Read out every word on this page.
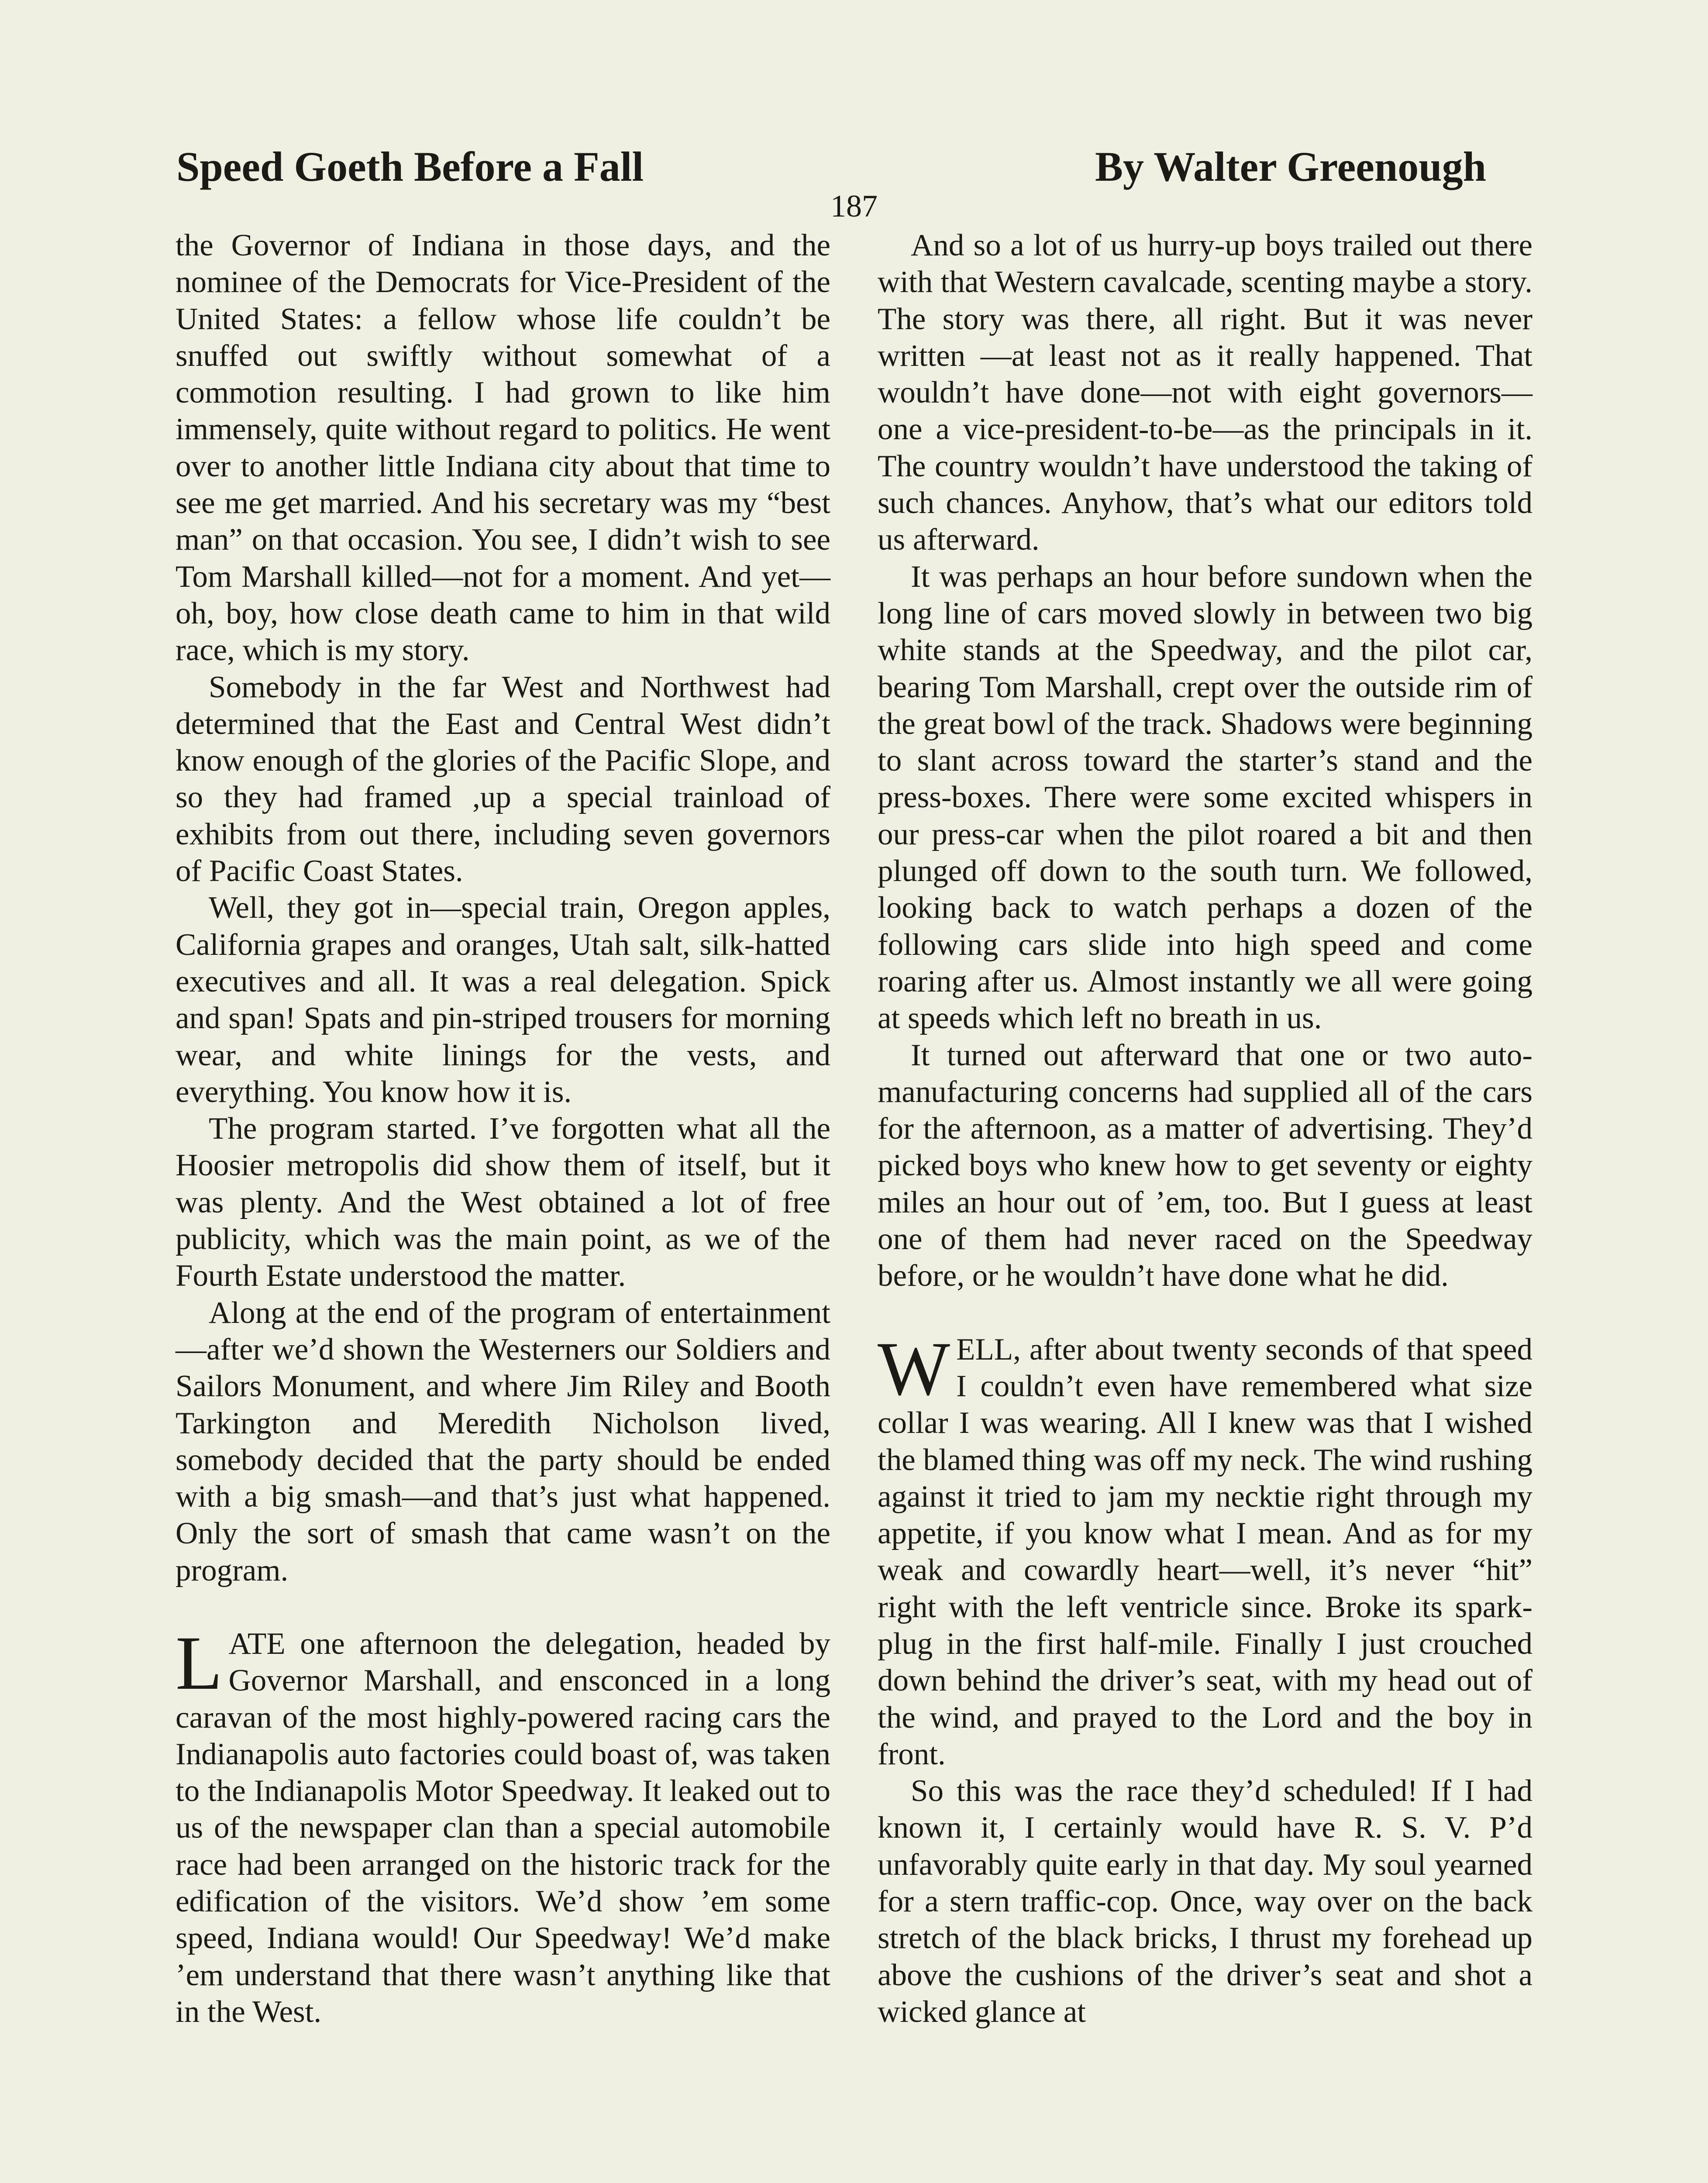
Speed Goeth Before a Fall	By Walter Greenough
187

the Governor of Indiana in those days, and the nominee of the Democrats for Vice-President of the United States: a fellow whose life couldn’t be snuffed out swiftly without somewhat of a commotion resulting. I had grown to like him immensely, quite without regard to politics. He went over to another little Indiana city about that time to see me get married. And his secretary was my “best man” on that occasion. You see, I didn’t wish to see Tom Marshall killed—not for a moment. And yet—oh, boy, how close death came to him in that wild race, which is my story.

Somebody in the far West and Northwest had determined that the East and Central West didn’t know enough of the glories of the Pacific Slope, and so they had framed ,up a special trainload of exhibits from out there, including seven governors of Pacific Coast States.

Well, they got in—special train, Oregon apples, California grapes and oranges, Utah salt, silk-hatted executives and all. It was a real delegation. Spick and span! Spats and pin-striped trousers for morning wear, and white linings for the vests, and everything. You know how it is.

The program started. I’ve forgotten what all the Hoosier metropolis did show them of itself, but it was plenty. And the West obtained a lot of free publicity, which was the main point, as we of the Fourth Estate understood the matter.

Along at the end of the program of entertainment—after we’d shown the Westerners our Soldiers and Sailors Monument, and where Jim Riley and Booth Tarkington and Meredith Nicholson lived, somebody decided that the party should be ended with a big smash—and that’s just what happened. Only the sort of smash that came wasn’t on the program.

LATE one afternoon the delegation, headed by Governor Marshall, and ensconced in a long caravan of the most highly-powered racing cars the Indianapolis auto factories could boast of, was taken to the Indianapolis Motor Speedway. It leaked out to us of the newspaper clan than a special automobile race had been arranged on the historic track for the edification of the visitors. We’d show ’em some speed, Indiana would! Our Speedway! We’d make ’em understand that there wasn’t anything like that in the West.

And so a lot of us hurry-up boys trailed out there with that Western cavalcade, scenting maybe a story. The story was there, all right. But it was never written —at least not as it really happened. That wouldn’t have done—not with eight governors—one a vice-president-to-be—as the principals in it. The country wouldn’t have understood the taking of such chances. Anyhow, that’s what our editors told us afterward.

It was perhaps an hour before sundown when the long line of cars moved slowly in between two big white stands at the Speedway, and the pilot car, bearing Tom Marshall, crept over the outside rim of the great bowl of the track. Shadows were beginning to slant across toward the starter’s stand and the press-boxes. There were some excited whispers in our press-car when the pilot roared a bit and then plunged off down to the south turn. We followed, looking back to watch perhaps a dozen of the following cars slide into high speed and come roaring after us. Almost instantly we all were going at speeds which left no breath in us.

It turned out afterward that one or two auto-manufacturing concerns had supplied all of the cars for the afternoon, as a matter of advertising. They’d picked boys who knew how to get seventy or eighty miles an hour out of ’em, too. But I guess at least one of them had never raced on the Speedway before, or he wouldn’t have done what he did.

WELL, after about twenty seconds of that speed I couldn’t even have remembered what size collar I was wearing. All I knew was that I wished the blamed thing was off my neck. The wind rushing against it tried to jam my necktie right through my appetite, if you know what I mean. And as for my weak and cowardly heart—well, it’s never “hit” right with the left ventricle since. Broke its spark-plug in the first half-mile. Finally I just crouched down behind the driver’s seat, with my head out of the wind, and prayed to the Lord and the boy in front.

So this was the race they’d scheduled! If I had known it, I certainly would have R. S. V. P’d unfavorably quite early in that day. My soul yearned for a stern traffic-cop. Once, way over on the back stretch of the black bricks, I thrust my forehead up above the cushions of the driver’s seat and shot a wicked glance at
